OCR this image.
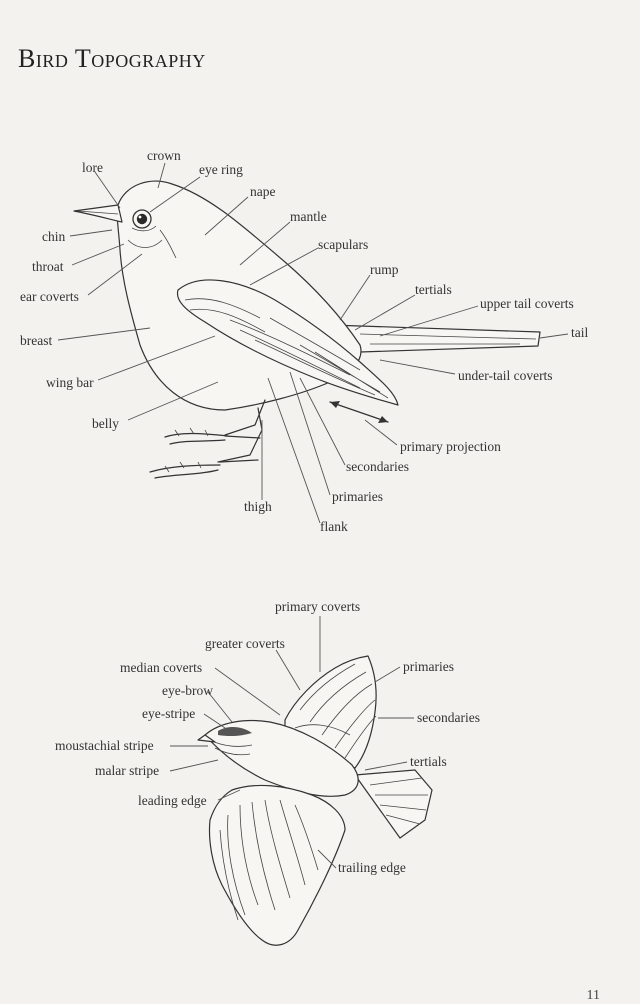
Bird Topography
lore
crown
eye ring
nape
mantle
scapulars
rump
tertials
upper tail coverts
tail
under-tail coverts
primary projection
secondaries
primaries
flank
thigh
belly
wing bar
breast
ear coverts
throat
chin
primary coverts
greater coverts
median coverts
eye-brow
eye-stripe
moustachial stripe
malar stripe
leading edge
primaries
secondaries
tertials
trailing edge
11
